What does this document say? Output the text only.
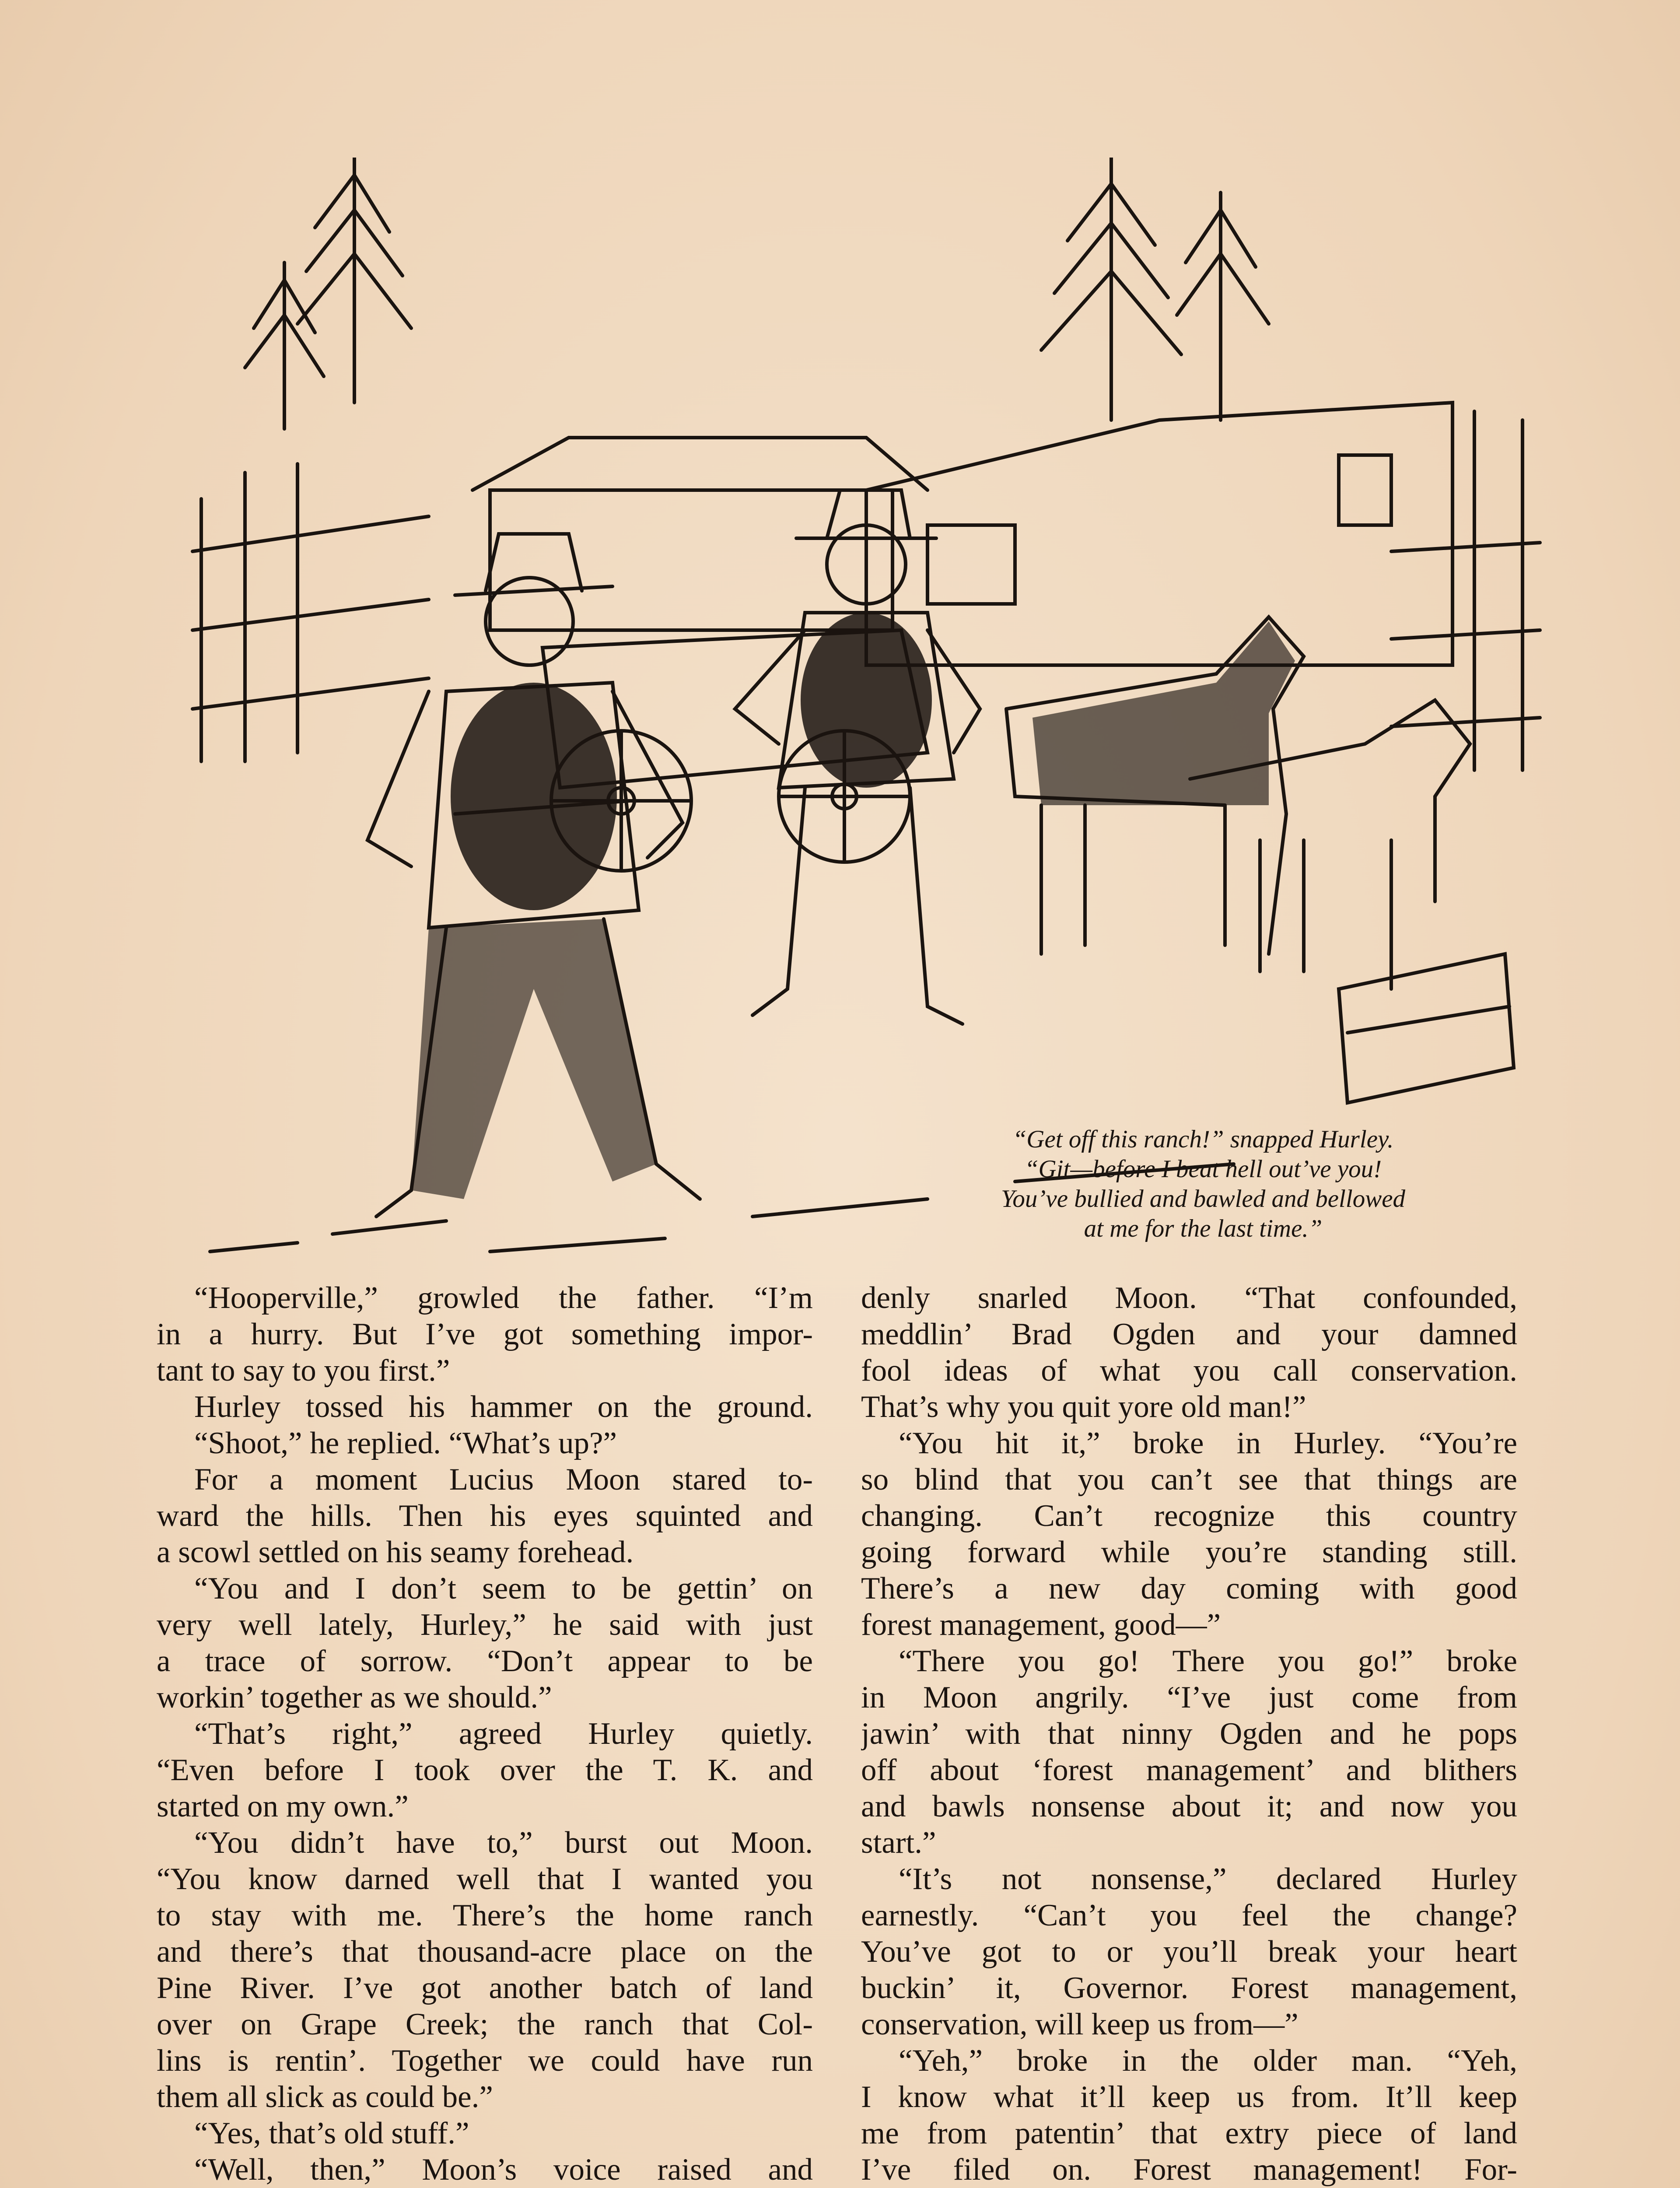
“Get off this ranch!” snapped Hurley.
“Git—before I beat hell out’ve you!
You’ve bullied and bawled and bellowed
at me for the last time.”
“Hooperville,” growled the father. “I’m
in a hurry. But I’ve got something impor-
tant to say to you first.”
Hurley tossed his hammer on the ground.
“Shoot,” he replied. “What’s up?”
For a moment Lucius Moon stared to-
ward the hills. Then his eyes squinted and
a scowl settled on his seamy forehead.
“You and I don’t seem to be gettin’ on
very well lately, Hurley,” he said with just
a trace of sorrow. “Don’t appear to be
workin’ together as we should.”
“That’s right,” agreed Hurley quietly.
“Even before I took over the T. K. and
started on my own.”
“You didn’t have to,” burst out Moon.
“You know darned well that I wanted you
to stay with me. There’s the home ranch
and there’s that thousand-acre place on the
Pine River. I’ve got another batch of land
over on Grape Creek; the ranch that Col-
lins is rentin’. Together we could have run
them all slick as could be.”
“Yes, that’s old stuff.”
“Well, then,” Moon’s voice raised and
denly snarled Moon. “That confounded,
meddlin’ Brad Ogden and your damned
fool ideas of what you call conservation.
That’s why you quit yore old man!”
“You hit it,” broke in Hurley. “You’re
so blind that you can’t see that things are
changing. Can’t recognize this country
going forward while you’re standing still.
There’s a new day coming with good
forest management, good—”
“There you go! There you go!” broke
in Moon angrily. “I’ve just come from
jawin’ with that ninny Ogden and he pops
off about ‘forest management’ and blithers
and bawls nonsense about it; and now you
start.”
“It’s not nonsense,” declared Hurley
earnestly. “Can’t you feel the change?
You’ve got to or you’ll break your heart
buckin’ it, Governor. Forest management,
conservation, will keep us from—”
“Yeh,” broke in the older man. “Yeh,
I know what it’ll keep us from. It’ll keep
me from patentin’ that extry piece of land
I’ve filed on. Forest management! For-
